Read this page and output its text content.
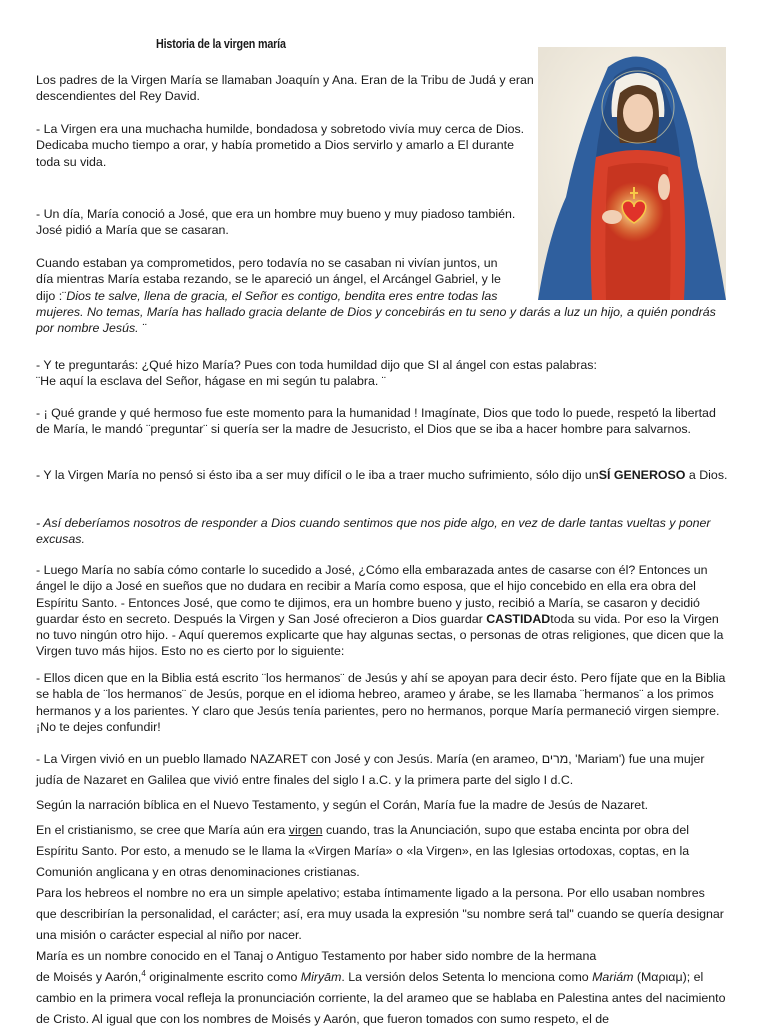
Historia de la virgen maría

Los padres de la Virgen María se llamaban Joaquín y Ana. Eran de la Tribu de Judá y eran descendientes del Rey David.

- La Virgen era una muchacha humilde, bondadosa y sobretodo vivía muy cerca de Dios.

Dedicaba mucho tiempo a orar, y había prometido a Dios servirlo y amarlo a El durante toda su vida.

- Un día, María conoció a José, que era un hombre muy bueno y muy piadoso también. José pidió a María que se casaran.

Cuando estaban ya comprometidos, pero todavía no se casaban ni vivían juntos, un

día mientras María estaba rezando, se le apareció un ángel, el Arcángel Gabriel, y le

dijo :¨Dios te salve, llena de gracia, el Señor es contigo, bendita eres entre todas las

mujeres. No temas, María has hallado gracia delante de Dios y concebirás en tu seno y darás a luz un hijo, a quién pondrás por nombre Jesús. ¨

- Y te preguntarás: ¿Qué hizo María? Pues con toda humildad dijo que SI al ángel con estas palabras:

¨He aquí la esclava del Señor, hágase en mi según tu palabra. ¨

- ¡ Qué grande y qué hermoso fue este momento para la humanidad ! Imagínate, Dios que todo lo puede, respetó la libertad de María, le mandó ¨preguntar¨ si quería ser la madre de Jesucristo, el Dios que se iba a hacer hombre para salvarnos.

- Y la Virgen María no pensó si ésto iba a ser muy difícil o le iba a traer mucho sufrimiento, sólo dijo unSÍ GENEROSO a Dios.

- Así deberíamos nosotros de responder a Dios cuando sentimos que nos pide algo, en vez de darle tantas vueltas y poner excusas.

- Luego María no sabía cómo contarle lo sucedido a José, ¿Cómo ella embarazada antes de casarse con él? Entonces un ángel le dijo a José en sueños que no dudara en recibir a María como esposa, que el hijo concebido en ella era obra del Espíritu Santo. - Entonces José, que como te dijimos, era un hombre bueno y justo, recibió a María, se casaron y decidió guardar ésto en secreto. Después la Virgen y San José ofrecieron a Dios guardar CASTIDADtoda su vida. Por eso la Virgen no tuvo ningún otro hijo. - Aquí queremos explicarte que hay algunas sectas, o personas de otras religiones, que dicen que la Virgen tuvo más hijos. Esto no es cierto por lo siguiente:

- Ellos dicen que en la Biblia está escrito ¨los hermanos¨ de Jesús y ahí se apoyan para decir ésto. Pero fíjate que en la Biblia se habla de ¨los hermanos¨ de Jesús, porque en el idioma hebreo, arameo y árabe, se les llamaba ¨hermanos¨ a los primos hermanos y a los parientes. Y claro que Jesús tenía parientes, pero no hermanos, porque María permaneció virgen siempre. ¡No te dejes confundir!

- La Virgen vivió en un pueblo llamado NAZARET con José y con Jesús. María (en arameo, מרים, 'Mariam') fue una mujer judía de Nazaret en Galilea que vivió entre finales del siglo I a.C. y la primera parte del siglo I d.C.

Según la narración bíblica en el Nuevo Testamento, y según el Corán, María fue la madre de Jesús de Nazaret.

En el cristianismo, se cree que María aún era virgen cuando, tras la Anunciación, supo que estaba encinta por obra del Espíritu Santo. Por esto, a menudo se le llama la «Virgen María» o «la Virgen», en las Iglesias ortodoxas, coptas, en la Comunión anglicana y en otras denominaciones cristianas.

Para los hebreos el nombre no era un simple apelativo; estaba íntimamente ligado a la persona. Por ello usaban nombres que describirían la personalidad, el carácter; así, era muy usada la expresión "su nombre será tal" cuando se quería designar una misión o carácter especial al niño por nacer.

María es un nombre conocido en el Tanaj o Antiguo Testamento por haber sido nombre de la hermana

de Moisés y Aarón,$^4$ originalmente escrito como Miryām. La versión delos Setenta lo menciona como Mariám (Μαριαμ); el cambio en la primera vocal refleja la pronunciación corriente, la del arameo que se hablaba en Palestina antes del nacimiento de Cristo. Al igual que con los nombres de Moisés y Aarón, que fueron tomados con sumo respeto, el de
